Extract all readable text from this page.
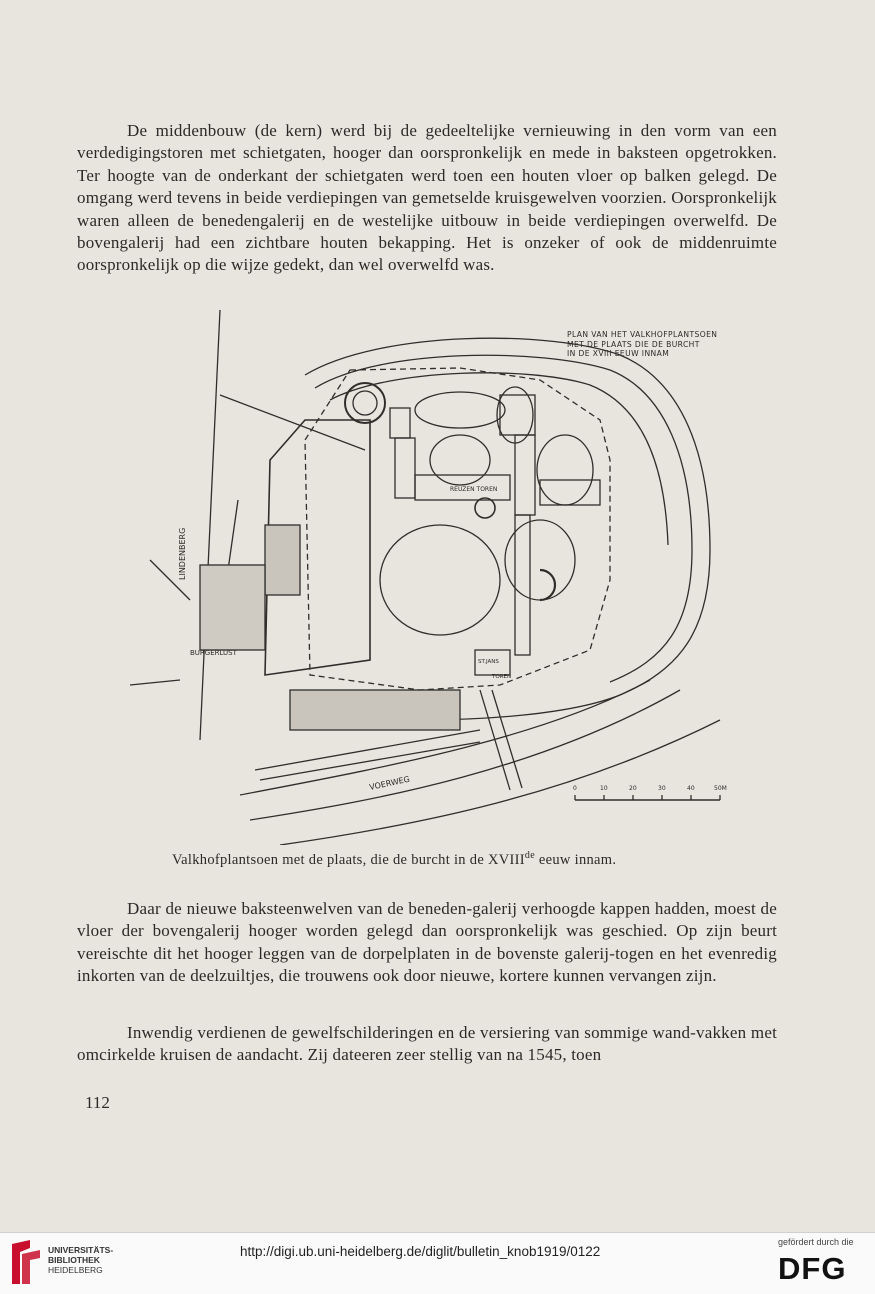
De middenbouw (de kern) werd bij de gedeeltelijke vernieuwing in den vorm van een verdedigingstoren met schietgaten, hooger dan oorspronkelijk en mede in baksteen opgetrokken. Ter hoogte van de onderkant der schietgaten werd toen een houten vloer op balken gelegd. De omgang werd tevens in beide verdiepingen van gemetselde kruisgewelven voorzien. Oorspronkelijk waren alleen de benedengalerij en de westelijke uitbouw in beide verdiepingen overwelfd. De bovengalerij had een zichtbare houten bekapping. Het is onzeker of ook de middenruimte oorspronkelijk op die wijze gedekt, dan wel overwelfd was.

LINDENBERG
BURGERLUST
VOERWEG
REUZEN TOREN
ST.JANS
TOREN
0	10	20	30	40	50M
PLAN VAN HET VALKHOFPLANTSOEN
MET DE PLAATS DIE DE BURCHT
IN DE XVIII EEUW INNAM
Valkhofplantsoen met de plaats, die de burcht in de XVIIIde eeuw innam.

Daar de nieuwe baksteenwelven van de beneden-galerij verhoogde kappen hadden, moest de vloer der bovengalerij hooger worden gelegd dan oorspronkelijk was geschied. Op zijn beurt vereischte dit het hooger leggen van de dorpelplaten in de bovenste galerij-togen en het evenredig inkorten van de deelzuiltjes, die trouwens ook door nieuwe, kortere kunnen vervangen zijn.

Inwendig verdienen de gewelfschilderingen en de versiering van sommige wand-vakken met omcirkelde kruisen de aandacht. Zij dateeren zeer stellig van na 1545, toen

112
UNIVERSITÄTS-
BIBLIOTHEK
HEIDELBERG
http://digi.ub.uni-heidelberg.de/diglit/bulletin_knob1919/0122
gefördert durch die
DFG
